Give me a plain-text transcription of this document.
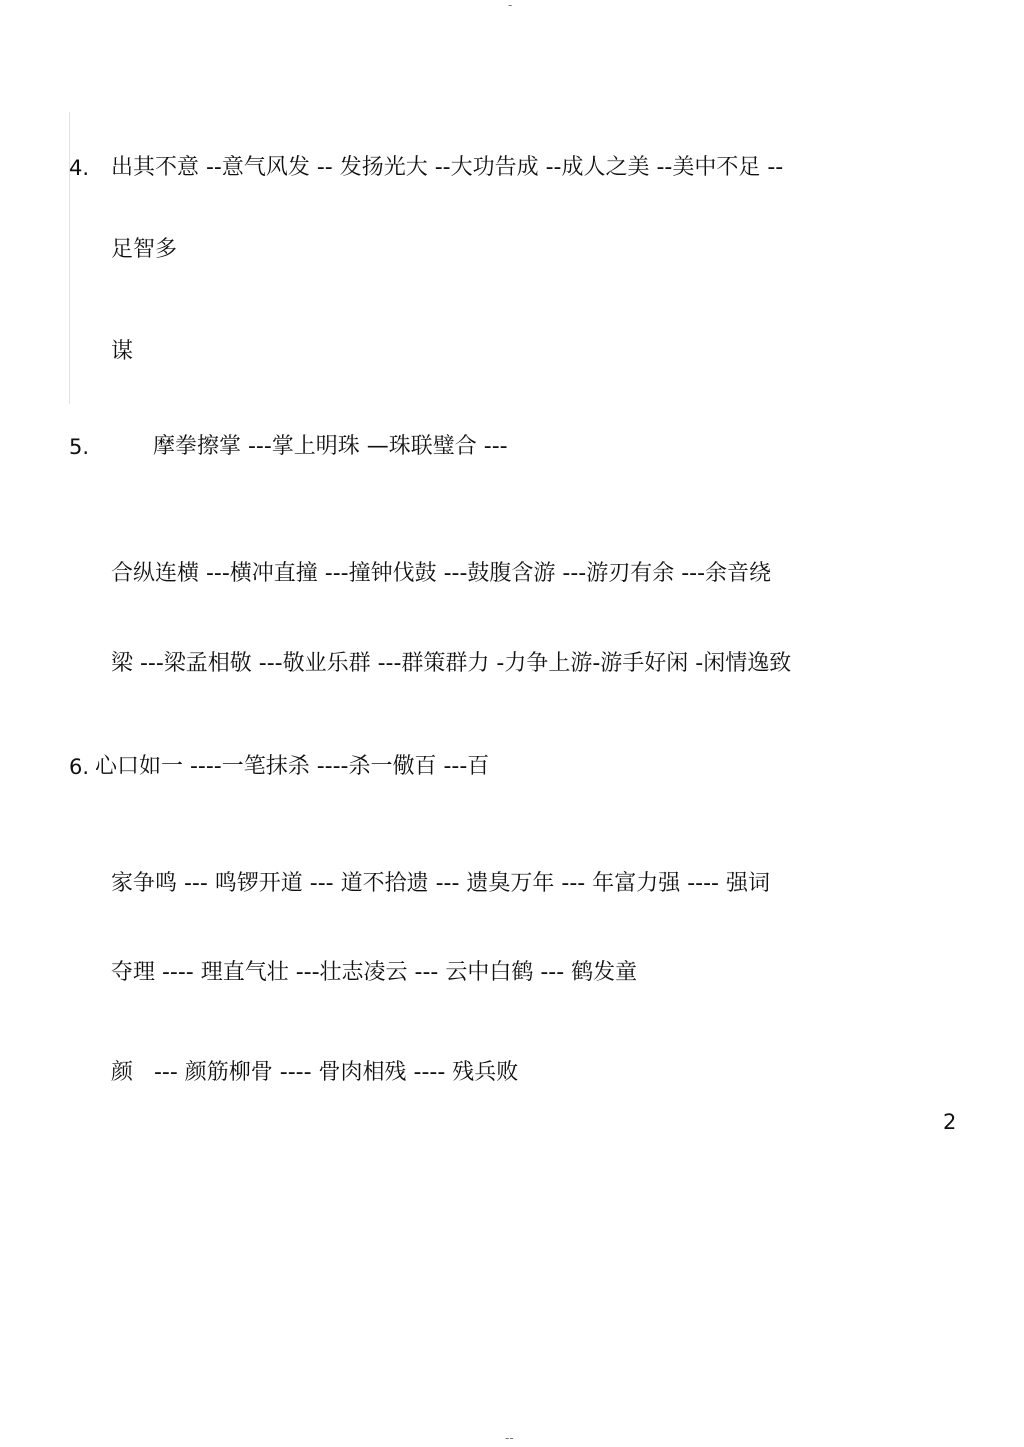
-
4. 出其不意 --意气风发 -- 发扬光大 --大功告成 --成人之美 --美中不足 --
足智多
谋
5.	摩拳擦掌 ---掌上明珠 —珠联璧合 ---
合纵连横 ---横冲直撞 ---撞钟伐鼓 ---鼓腹含游 ---游刃有余 ---余音绕
梁 ---梁孟相敬 ---敬业乐群 ---群策群力 -力争上游-游手好闲 -闲情逸致
6. 心口如一 ----一笔抹杀 ----杀一儆百 ---百
家争鸣 --- 鸣锣开道 --- 道不拾遗 --- 遗臭万年 --- 年富力强 ---- 强词
夺理 ---- 理直气壮 ---壮志凌云 --- 云中白鹤 --- 鹤发童
颜   --- 颜筋柳骨 ---- 骨肉相残 ---- 残兵败
2
--
